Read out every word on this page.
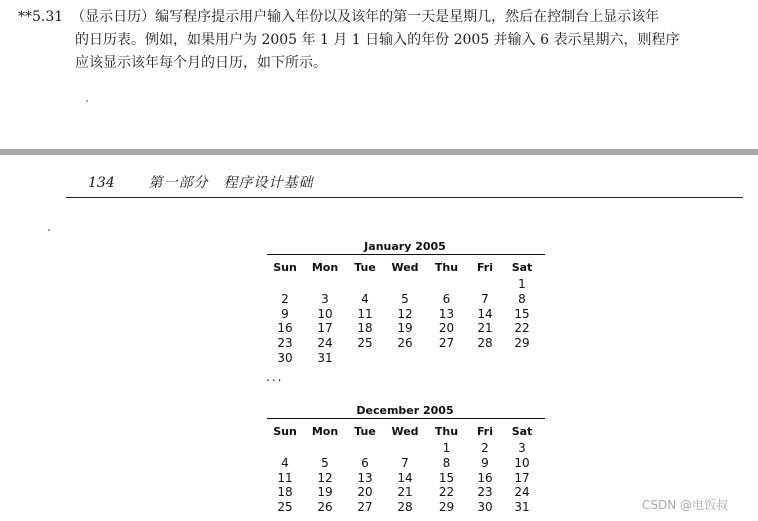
**5.31 （显示日历）编写程序提示用户输入年份以及该年的第一天是星期几，然后在控制台上显示该年
的日历表。例如，如果用户为 2005 年 1 月 1 日输入的年份 2005 并输入 6 表示星期六，则程序
应该显示该年每个月的日历，如下所示。
134 第一部分　程序设计基础
January 2005
Sun	Mon	Tue	Wed	Thu	Fri	Sat
						1
2	3	4	5	6	7	8
9	10	11	12	13	14	15
16	17	18	19	20	21	22
23	24	25	26	27	28	29
30	31					
...
December 2005
Sun	Mon	Tue	Wed	Thu	Fri	Sat
				1	2	3
4	5	6	7	8	9	10
11	12	13	14	15	16	17
18	19	20	21	22	23	24
25	26	27	28	29	30	31	CSDN @电饭叔
